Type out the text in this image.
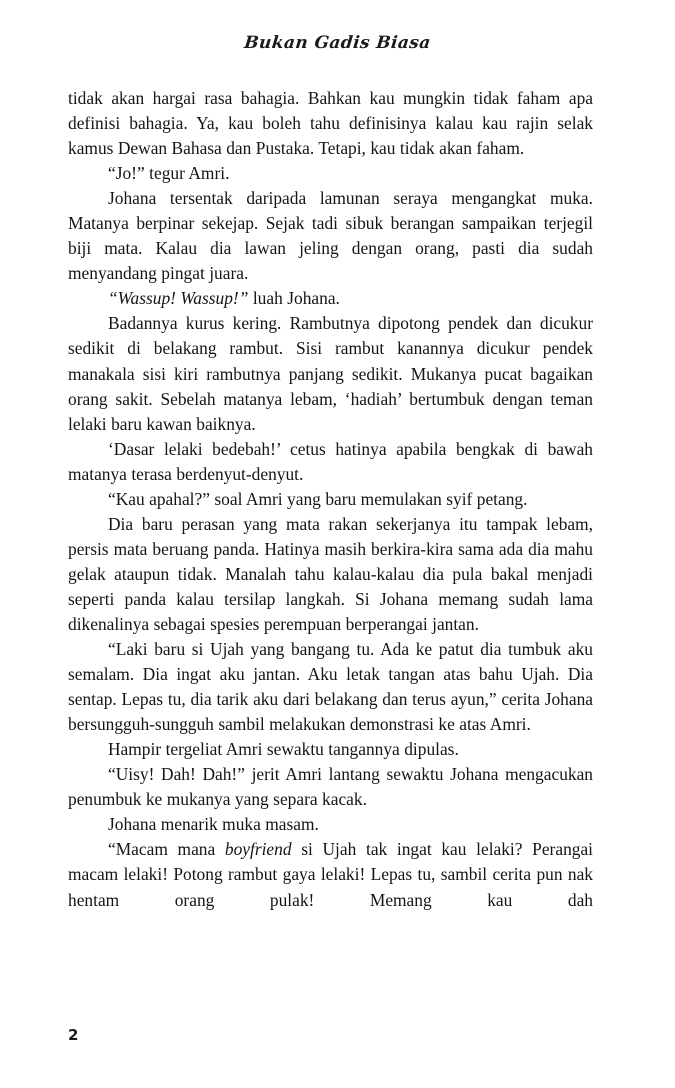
Bukan Gadis Biasa

tidak akan hargai rasa bahagia. Bahkan kau mungkin tidak faham apa definisi bahagia. Ya, kau boleh tahu definisinya kalau kau rajin selak kamus Dewan Bahasa dan Pustaka. Tetapi, kau tidak akan faham.

“Jo!” tegur Amri.

Johana tersentak daripada lamunan seraya mengangkat muka. Matanya berpinar sekejap. Sejak tadi sibuk berangan sampaikan terjegil biji mata. Kalau dia lawan jeling dengan orang, pasti dia sudah menyandang pingat juara.

“Wassup! Wassup!” luah Johana.

Badannya kurus kering. Rambutnya dipotong pendek dan dicukur sedikit di belakang rambut. Sisi rambut kanannya dicukur pendek manakala sisi kiri rambutnya panjang sedikit. Mukanya pucat bagaikan orang sakit. Sebelah matanya lebam, ‘hadiah’ bertumbuk dengan teman lelaki baru kawan baiknya.

‘Dasar lelaki bedebah!’ cetus hatinya apabila bengkak di bawah matanya terasa berdenyut-denyut.

“Kau apahal?” soal Amri yang baru memulakan syif petang.

Dia baru perasan yang mata rakan sekerjanya itu tampak lebam, persis mata beruang panda. Hatinya masih berkira-kira sama ada dia mahu gelak ataupun tidak. Manalah tahu kalau-kalau dia pula bakal menjadi seperti panda kalau tersilap langkah. Si Johana memang sudah lama dikenalinya sebagai spesies perempuan berperangai jantan.

“Laki baru si Ujah yang bangang tu. Ada ke patut dia tumbuk aku semalam. Dia ingat aku jantan. Aku letak tangan atas bahu Ujah. Dia sentap. Lepas tu, dia tarik aku dari belakang dan terus ayun,” cerita Johana bersungguh-sungguh sambil melakukan demonstrasi ke atas Amri.

Hampir tergeliat Amri sewaktu tangannya dipulas.

“Uisy! Dah! Dah!” jerit Amri lantang sewaktu Johana mengacukan penumbuk ke mukanya yang separa kacak.

Johana menarik muka masam.

“Macam mana boyfriend si Ujah tak ingat kau lelaki? Perangai macam lelaki! Potong rambut gaya lelaki! Lepas tu, sambil cerita pun nak hentam orang pulak! Memang kau dah

2
